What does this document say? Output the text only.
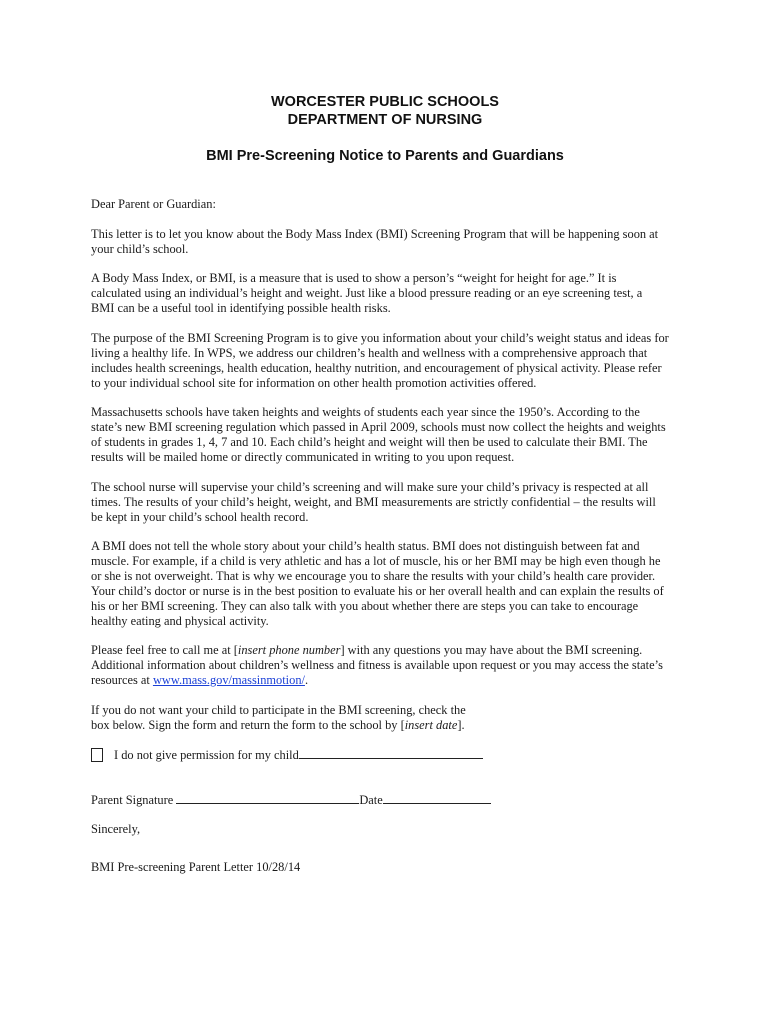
WORCESTER PUBLIC SCHOOLS
DEPARTMENT OF NURSING
BMI Pre-Screening Notice to Parents and Guardians

Dear Parent or Guardian:

This letter is to let you know about the Body Mass Index (BMI) Screening Program that will be happening soon at
your child’s school.

A Body Mass Index, or BMI, is a measure that is used to show a person’s “weight for height for age.” It is
calculated using an individual’s height and weight. Just like a blood pressure reading or an eye screening test, a
BMI can be a useful tool in identifying possible health risks.

The purpose of the BMI Screening Program is to give you information about your child’s weight status and ideas for
living a healthy life. In WPS, we address our children’s health and wellness with a comprehensive approach that
includes health screenings, health education, healthy nutrition, and encouragement of physical activity. Please refer
to your individual school site for information on other health promotion activities offered.

Massachusetts schools have taken heights and weights of students each year since the 1950’s. According to the
state’s new BMI screening regulation which passed in April 2009, schools must now collect the heights and weights
of students in grades 1, 4, 7 and 10. Each child’s height and weight will then be used to calculate their BMI. The
results will be mailed home or directly communicated in writing to you upon request.

The school nurse will supervise your child’s screening and will make sure your child’s privacy is respected at all
times. The results of your child’s height, weight, and BMI measurements are strictly confidential – the results will
be kept in your child’s school health record.

A BMI does not tell the whole story about your child’s health status. BMI does not distinguish between fat and
muscle. For example, if a child is very athletic and has a lot of muscle, his or her BMI may be high even though he
or she is not overweight. That is why we encourage you to share the results with your child’s health care provider.
Your child’s doctor or nurse is in the best position to evaluate his or her overall health and can explain the results of
his or her BMI screening. They can also talk with you about whether there are steps you can take to encourage
healthy eating and physical activity.

Please feel free to call me at [insert phone number] with any questions you may have about the BMI screening.
Additional information about children’s wellness and fitness is available upon request or you may access the state’s
resources at www.mass.gov/massinmotion/.

If you do not want your child to participate in the BMI screening, check the
box below. Sign the form and return the form to the school by [insert date].

Parent Signature	Date

Sincerely,

BMI Pre-screening Parent Letter 10/28/14

I do not give permission for my child
